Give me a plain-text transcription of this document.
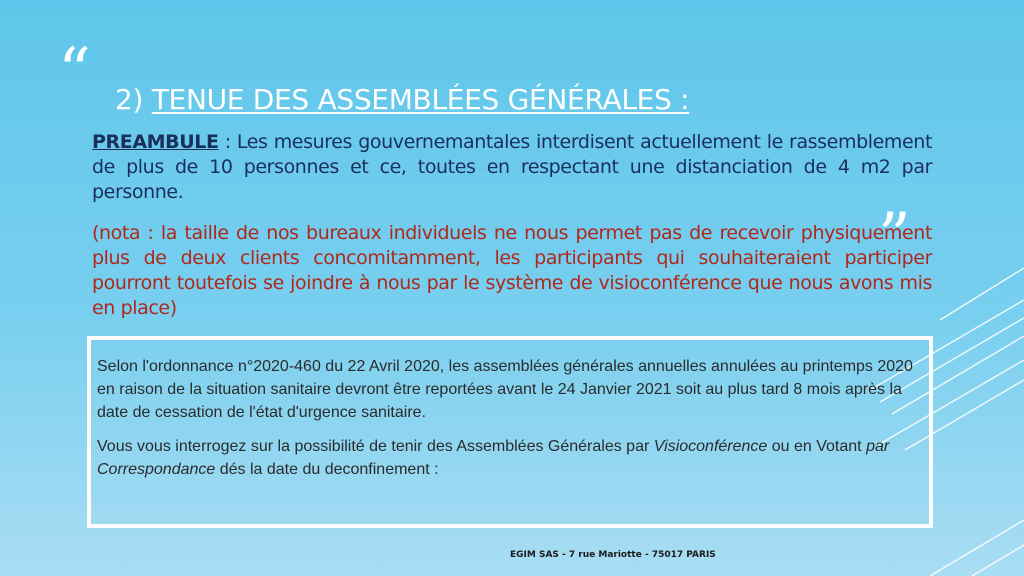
“
”
2) TENUE DES ASSEMBLÉES GÉNÉRALES :

PREAMBULE : Les mesures gouvernemantales interdisent actuellement le rassemblement de plus de 10 personnes et ce, toutes en respectant une distanciation de 4 m2 par personne.

(nota : la taille de nos bureaux individuels ne nous permet pas de recevoir physiquement plus de deux clients concomitamment, les participants qui souhaiteraient participer pourront toutefois se joindre à nous par le système de visioconférence que nous avons mis en place)

Selon l'ordonnance n°2020-460 du 22 Avril 2020, les assemblées générales annuelles annulées au printemps 2020 en raison de la situation sanitaire devront être reportées avant le 24 Janvier 2021 soit au plus tard 8 mois après la date de cessation de l'état d'urgence sanitaire.

Vous vous interrogez sur la possibilité de tenir des Assemblées Générales par Visioconférence ou en Votant par Correspondance dés la date du deconfinement :

EGIM SAS - 7 rue Mariotte - 75017 PARIS
